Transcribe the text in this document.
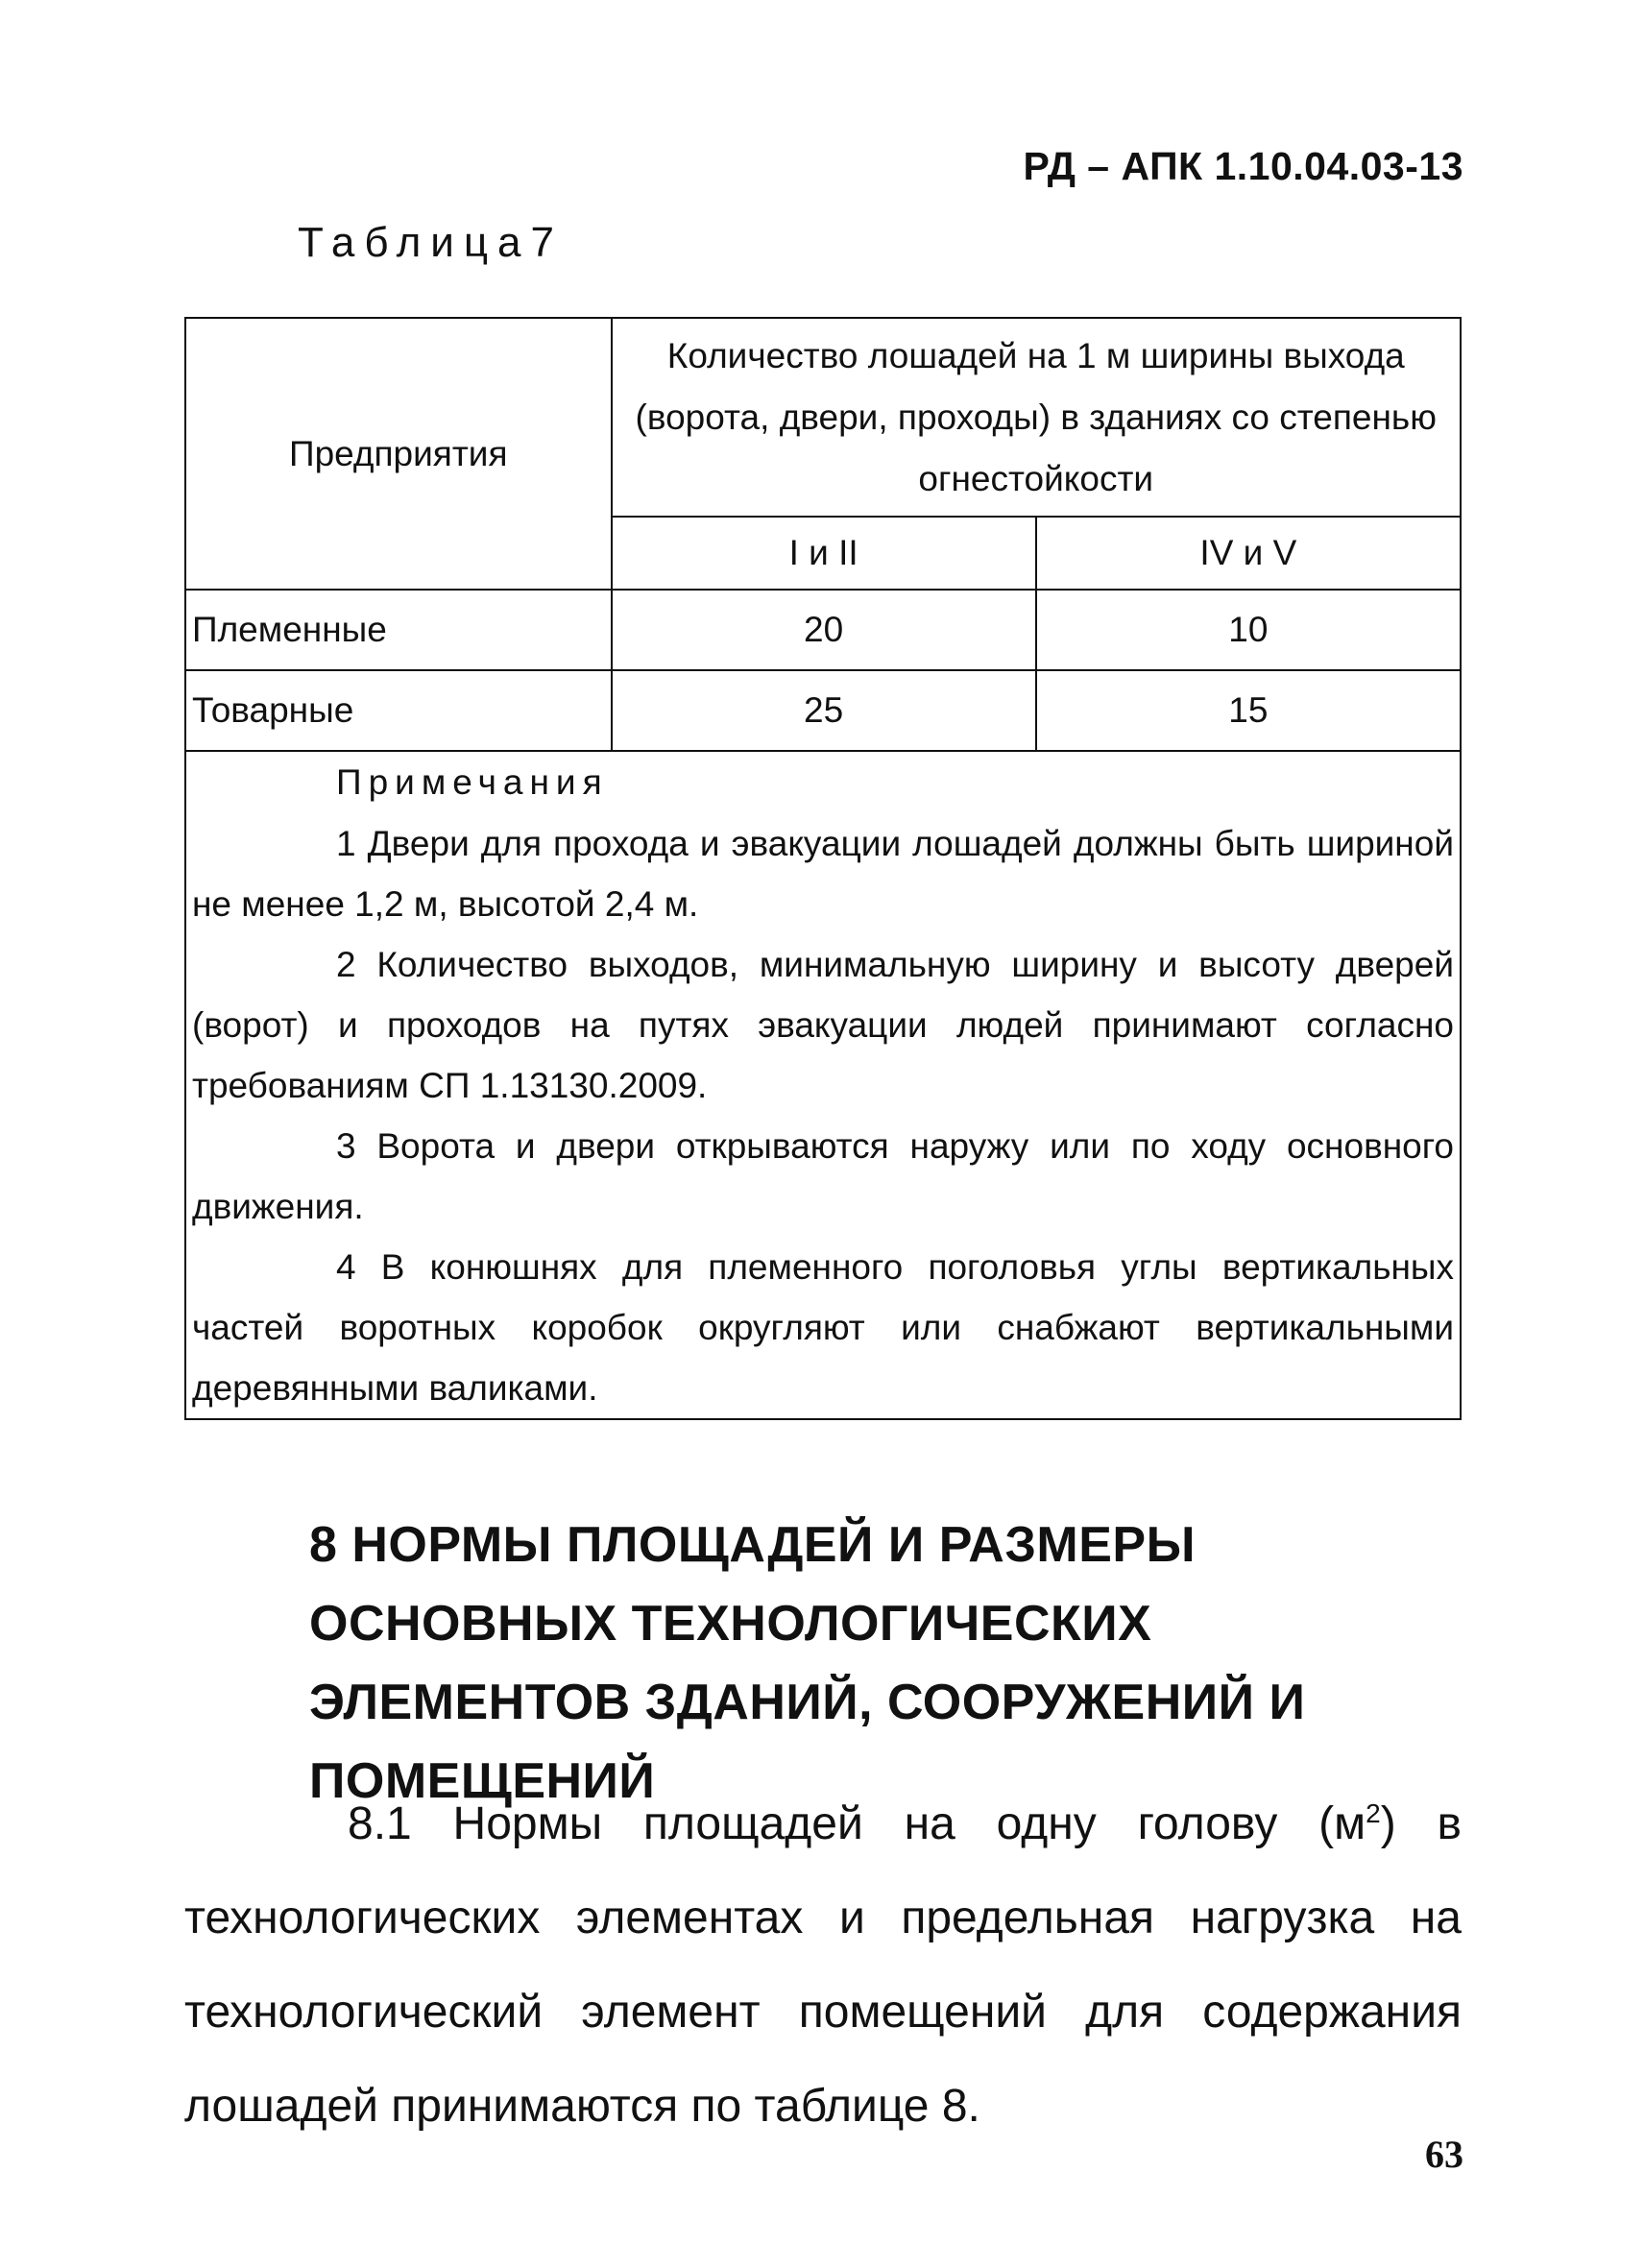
РД – АПК 1.10.04.03-13
Таблица7
Предприятия	Количество лошадей на 1 м ширины выхода (ворота, двери, проходы) в зданиях со степенью огнестойкости	
	I и II	IV и V
Племенные	20	10
Товарные	25	15

Примечания

1 Двери для прохода и эвакуации лошадей должны быть шириной не менее 1,2 м, высотой 2,4 м.

2 Количество выходов, минимальную ширину и высоту дверей (ворот) и проходов на путях эвакуации людей принимают согласно требованиям СП 1.13130.2009.

3 Ворота и двери открываются наружу или по ходу основного движения.

4 В конюшнях для племенного поголовья углы вертикальных частей воротных коробок округляют или снабжают вертикальными деревянными валиками.		

8 НОРМЫ ПЛОЩАДЕЙ И РАЗМЕРЫ ОСНОВНЫХ ТЕХНОЛОГИЧЕСКИХ ЭЛЕМЕНТОВ ЗДАНИЙ, СООРУЖЕНИЙ И ПОМЕЩЕНИЙ
8.1 Нормы площадей на одну голову $(м^2)$ в технологических элементах и предельная нагрузка на технологический элемент помещений для содержания лошадей принимаются по таблице 8.
63
